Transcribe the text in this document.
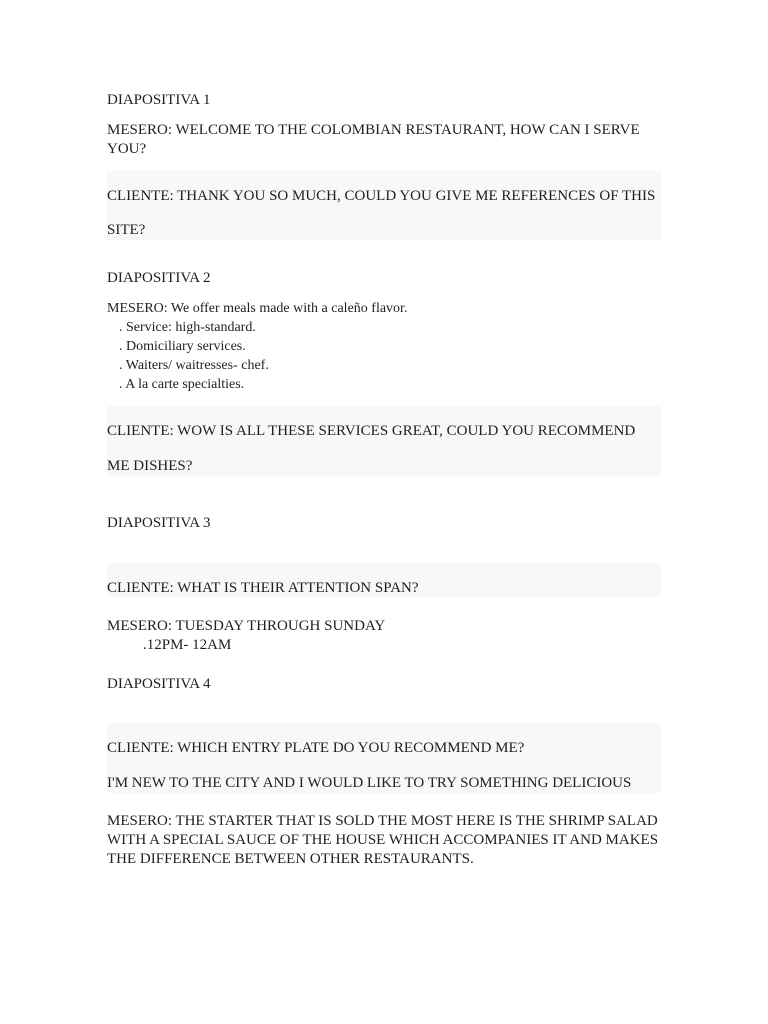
DIAPOSITIVA 1

MESERO: WELCOME TO THE COLOMBIAN RESTAURANT, HOW CAN I SERVE YOU?

CLIENTE: THANK YOU SO MUCH, COULD YOU GIVE ME REFERENCES OF THIS
SITE?

DIAPOSITIVA 2

MESERO: We offer meals made with a caleño flavor.

. Service: high-standard.
. Domiciliary services.
. Waiters/ waitresses- chef.
. A la carte specialties.
CLIENTE: WOW IS ALL THESE SERVICES GREAT, COULD YOU RECOMMEND
ME DISHES?

DIAPOSITIVA 3

CLIENTE: WHAT IS THEIR ATTENTION SPAN?

MESERO: TUESDAY THROUGH SUNDAY

.12PM- 12AM

DIAPOSITIVA 4

CLIENTE: WHICH ENTRY PLATE DO YOU RECOMMEND ME?
I'M NEW TO THE CITY AND I WOULD LIKE TO TRY SOMETHING DELICIOUS

MESERO: THE STARTER THAT IS SOLD THE MOST HERE IS THE SHRIMP SALAD WITH A SPECIAL SAUCE OF THE HOUSE WHICH ACCOMPANIES IT AND MAKES THE DIFFERENCE BETWEEN OTHER RESTAURANTS.
